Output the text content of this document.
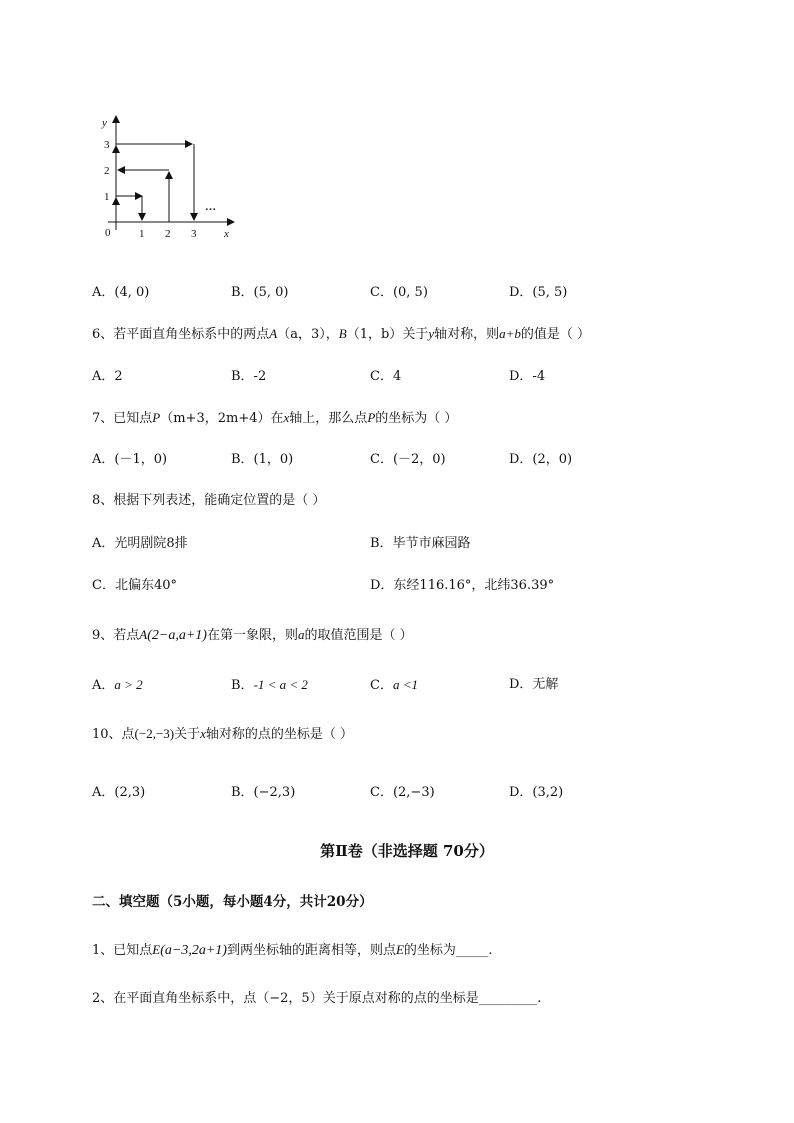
y
x
0	1 2 3
1
2
3
…
A．(4, 0)	B．(5, 0)	C．(0, 5)	D．(5, 5)
6、若平面直角坐标系中的两点A（a，3），B（1，b）关于y轴对称，则a+b的值是（ ）
A．2	B．-2	C．4	D．-4
7、已知点P（m+3，2m+4）在x轴上，那么点P的坐标为（ ）
A．(－1，0)	B．(1，0)	C．(－2，0)	D．(2，0)
8、根据下列表述，能确定位置的是（ ）
A．光明剧院8排	B．毕节市麻园路
C．北偏东40°	D．东经116.16°，北纬36.39°
9、若点A(2−a,a+1)在第一象限，则a的取值范围是（ ）
A．a > 2	B．-1 < a < 2	C．a <1	D．无解
10、点(−2,−3)关于x轴对称的点的坐标是（ ）
A．(2,3)	B．(−2,3)	C．(2,−3)	D．(3,2)
第Ⅱ卷（非选择题 70分）
二、填空题（5小题，每小题4分，共计20分）
1、已知点E(a−3,2a+1)到两坐标轴的距离相等，则点E的坐标为_____.
2、在平面直角坐标系中，点（−2，5）关于原点对称的点的坐标是_________.
